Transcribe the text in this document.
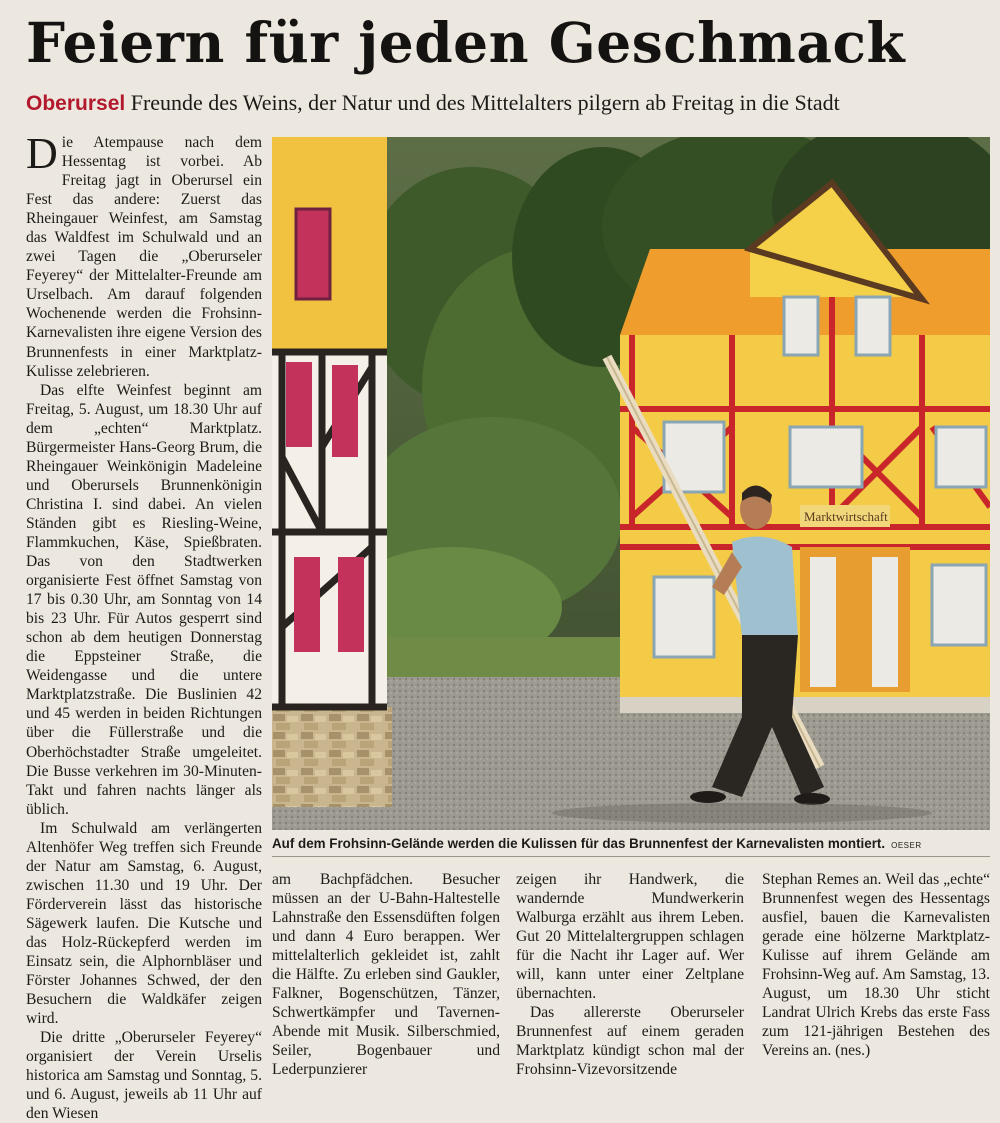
Feiern für jeden Geschmack
Oberursel Freunde des Weins, der Natur und des Mittelalters pilgern ab Freitag in die Stadt

Die Atempause nach dem Hessentag ist vorbei. Ab Freitag jagt in Oberursel ein Fest das andere: Zuerst das Rheingauer Weinfest, am Samstag das Waldfest im Schulwald und an zwei Tagen die „Oberurseler Feyerey“ der Mittelalter-Freunde am Urselbach. Am darauf folgenden Wochenende werden die Frohsinn-Karnevalisten ihre eigene Version des Brunnenfests in einer Marktplatz-Kulisse zelebrieren.

Das elfte Weinfest beginnt am Freitag, 5. August, um 18.30 Uhr auf dem „echten“ Marktplatz. Bürgermeister Hans-Georg Brum, die Rheingauer Weinkönigin Madeleine und Oberursels Brunnenkönigin Christina I. sind dabei. An vielen Ständen gibt es Riesling-Weine, Flammkuchen, Käse, Spießbraten. Das von den Stadtwerken organisierte Fest öffnet Samstag von 17 bis 0.30 Uhr, am Sonntag von 14 bis 23 Uhr. Für Autos gesperrt sind schon ab dem heutigen Donnerstag die Eppsteiner Straße, die Weidengasse und die untere Marktplatzstraße. Die Buslinien 42 und 45 werden in beiden Richtungen über die Füllerstraße und die Oberhöchstadter Straße umgeleitet. Die Busse verkehren im 30-Minuten-Takt und fahren nachts länger als üblich.

Im Schulwald am verlängerten Altenhöfer Weg treffen sich Freunde der Natur am Samstag, 6. August, zwischen 11.30 und 19 Uhr. Der Förderverein lässt das historische Sägewerk laufen. Die Kutsche und das Holz-Rückepferd werden im Einsatz sein, die Alphornbläser und Förster Johannes Schwed, der den Besuchern die Waldkäfer zeigen wird.

Die dritte „Oberurseler Feyerey“ organisiert der Verein Urselis historica am Samstag und Sonntag, 5. und 6. August, jeweils ab 11 Uhr auf den Wiesen

Marktwirtschaft
Auf dem Frohsinn-Gelände werden die Kulissen für das Brunnenfest der Karnevalisten montiert. OESER

am Bachpfädchen. Besucher müssen an der U-Bahn-Haltestelle Lahnstraße den Essensdüften folgen und dann 4 Euro berappen. Wer mittelalterlich gekleidet ist, zahlt die Hälfte. Zu erleben sind Gaukler, Falkner, Bogenschützen, Tänzer, Schwertkämpfer und Tavernen-Abende mit Musik. Silberschmied, Seiler, Bogenbauer und Lederpunzierer

zeigen ihr Handwerk, die wandernde Mundwerkerin Walburga erzählt aus ihrem Leben. Gut 20 Mittelaltergruppen schlagen für die Nacht ihr Lager auf. Wer will, kann unter einer Zeltplane übernachten.

Das allererste Oberurseler Brunnenfest auf einem geraden Marktplatz kündigt schon mal der Frohsinn-Vizevorsitzende

Stephan Remes an. Weil das „echte“ Brunnenfest wegen des Hessentags ausfiel, bauen die Karnevalisten gerade eine hölzerne Marktplatz-Kulisse auf ihrem Gelände am Frohsinn-Weg auf. Am Samstag, 13. August, um 18.30 Uhr sticht Landrat Ulrich Krebs das erste Fass zum 121-jährigen Bestehen des Vereins an. (nes.)
